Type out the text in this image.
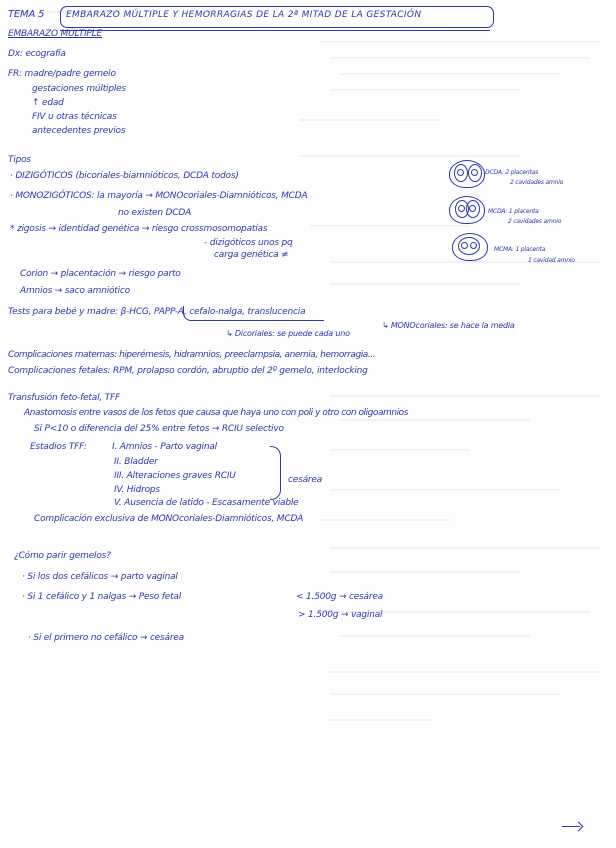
TEMA 5 EMBARAZO MÚLTIPLE Y HEMORRAGIAS DE LA 2ª MITAD DE LA GESTACIÓN
EMBARAZO MÚLTIPLE
Dx: ecografía
FR: madre/padre gemelo
gestaciones múltiples
↑ edad
FIV u otras técnicas
antecedentes previos
Tipos
· DIZIGÓTICOS (bicoriales-biamnióticos, DCDA todos)
· MONOZIGÓTICOS: la mayoría → MONOcoriales-Diamnióticos, MCDA
no existen DCDA
* zigosis → identidad genética → riesgo crossmosomopatías
- dizigóticos unos pq
carga genética ≠
Corion → placentación → riesgo parto
Amnios → saco amniótico
DCDA: 2 placentas
2 cavidades amnio
MCDA: 1 placenta
2 cavidades amnio
MCMA: 1 placenta
1 cavidad amnio
Tests para bebé y madre: β-HCG, PAPP-A, cefalo-nalga, translucencia
↳ MONOcoriales: se hace la media
↳ Dicoriales: se puede cada uno
Complicaciones maternas: hiperémesis, hidramnios, preeclampsia, anemia, hemorragia...
Complicaciones fetales: RPM, prolapso cordón, abruptio del 2º gemelo, interlocking
Transfusión feto-fetal, TFF
Anastomosis entre vasos de los fetos que causa que haya uno con poli y otro con oligoamnios
Si P<10 o diferencia del 25% entre fetos → RCIU selectivo
Estadios TFF:	I. Amnios - Parto vaginal
II. Bladder
III. Alteraciones graves RCIU
IV. Hidrops
V. Ausencia de latido - Escasamente viable
cesárea
Complicación exclusiva de MONOcoriales-Diamnióticos, MCDA
¿Cómo parir gemelos?
· Si los dos cefálicos → parto vaginal
· Si 1 cefálico y 1 nalgas → Peso fetal	< 1.500g → cesárea
> 1.500g → vaginal
· Si el primero no cefálico → cesárea
